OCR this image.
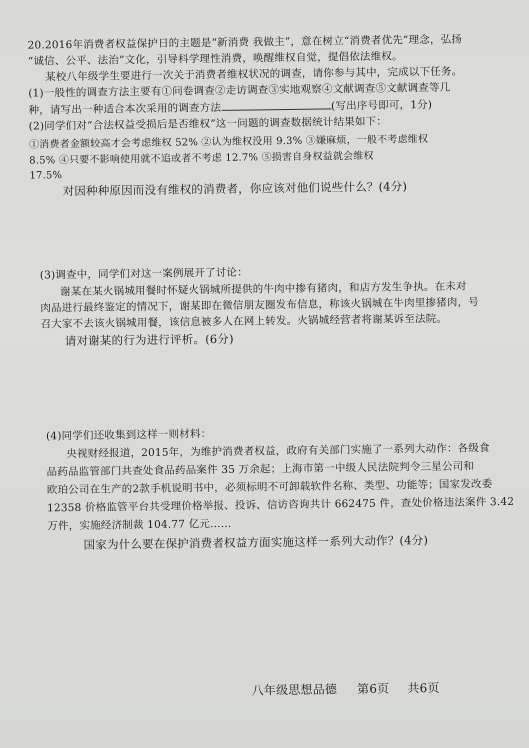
20.2016年消费者权益保护日的主题是“新消费 我做主”，意在树立“消费者优先”理念，弘扬
“诚信、公平、法治”文化，引导科学理性消费，唤醒维权自觉，提倡依法维权。
某校八年级学生要进行一次关于消费者维权状况的调查，请你参与其中，完成以下任务。
(1)一般性的调查方法主要有①问卷调查②走访调查③实地观察④文献调查⑤文献调查等几
种，请写出一种适合本次采用的调查方法	(写出序号即可，1分)
(2)同学们对“合法权益受损后是否维权”这一问题的调查数据统计结果如下：
①消费者金额较高才会考虑维权 52% ②认为维权没用 9.3% ③嫌麻烦，一般不考虑维权
8.5% ④只要不影响使用就不追或者不考虑 12.7% ⑤损害自身权益就会维权
17.5%
对因种种原因而没有维权的消费者，你应该对他们说些什么？(4分)
(3)调查中，同学们对这一案例展开了讨论：
谢某在某火锅城用餐时怀疑火锅城所提供的牛肉中掺有猪肉，和店方发生争执。在未对
肉品进行最终鉴定的情况下，谢某即在微信朋友圈发布信息，称该火锅城在牛肉里掺猪肉，号
召大家不去该火锅城用餐，该信息被多人在网上转发。火锅城经营者将谢某诉至法院。
请对谢某的行为进行评析。(6分)
(4)同学们还收集到这样一则材料：
央视财经报道，2015年，为维护消费者权益，政府有关部门实施了一系列大动作：各级食
品药品监管部门共查处食品药品案件 35 万余起；上海市第一中级人民法院判令三星公司和
欧珀公司在生产的2款手机说明书中，必须标明不可卸载软件名称、类型、功能等；国家发改委
12358 价格监管平台共受理价格举报、投诉、信访咨询共计 662475 件，查处价格违法案件 3.42
万件，实施经济制裁 104.77 亿元……
国家为什么要在保护消费者权益方面实施这样一系列大动作？(4分)
八年级思想品德 第6页 共6页
